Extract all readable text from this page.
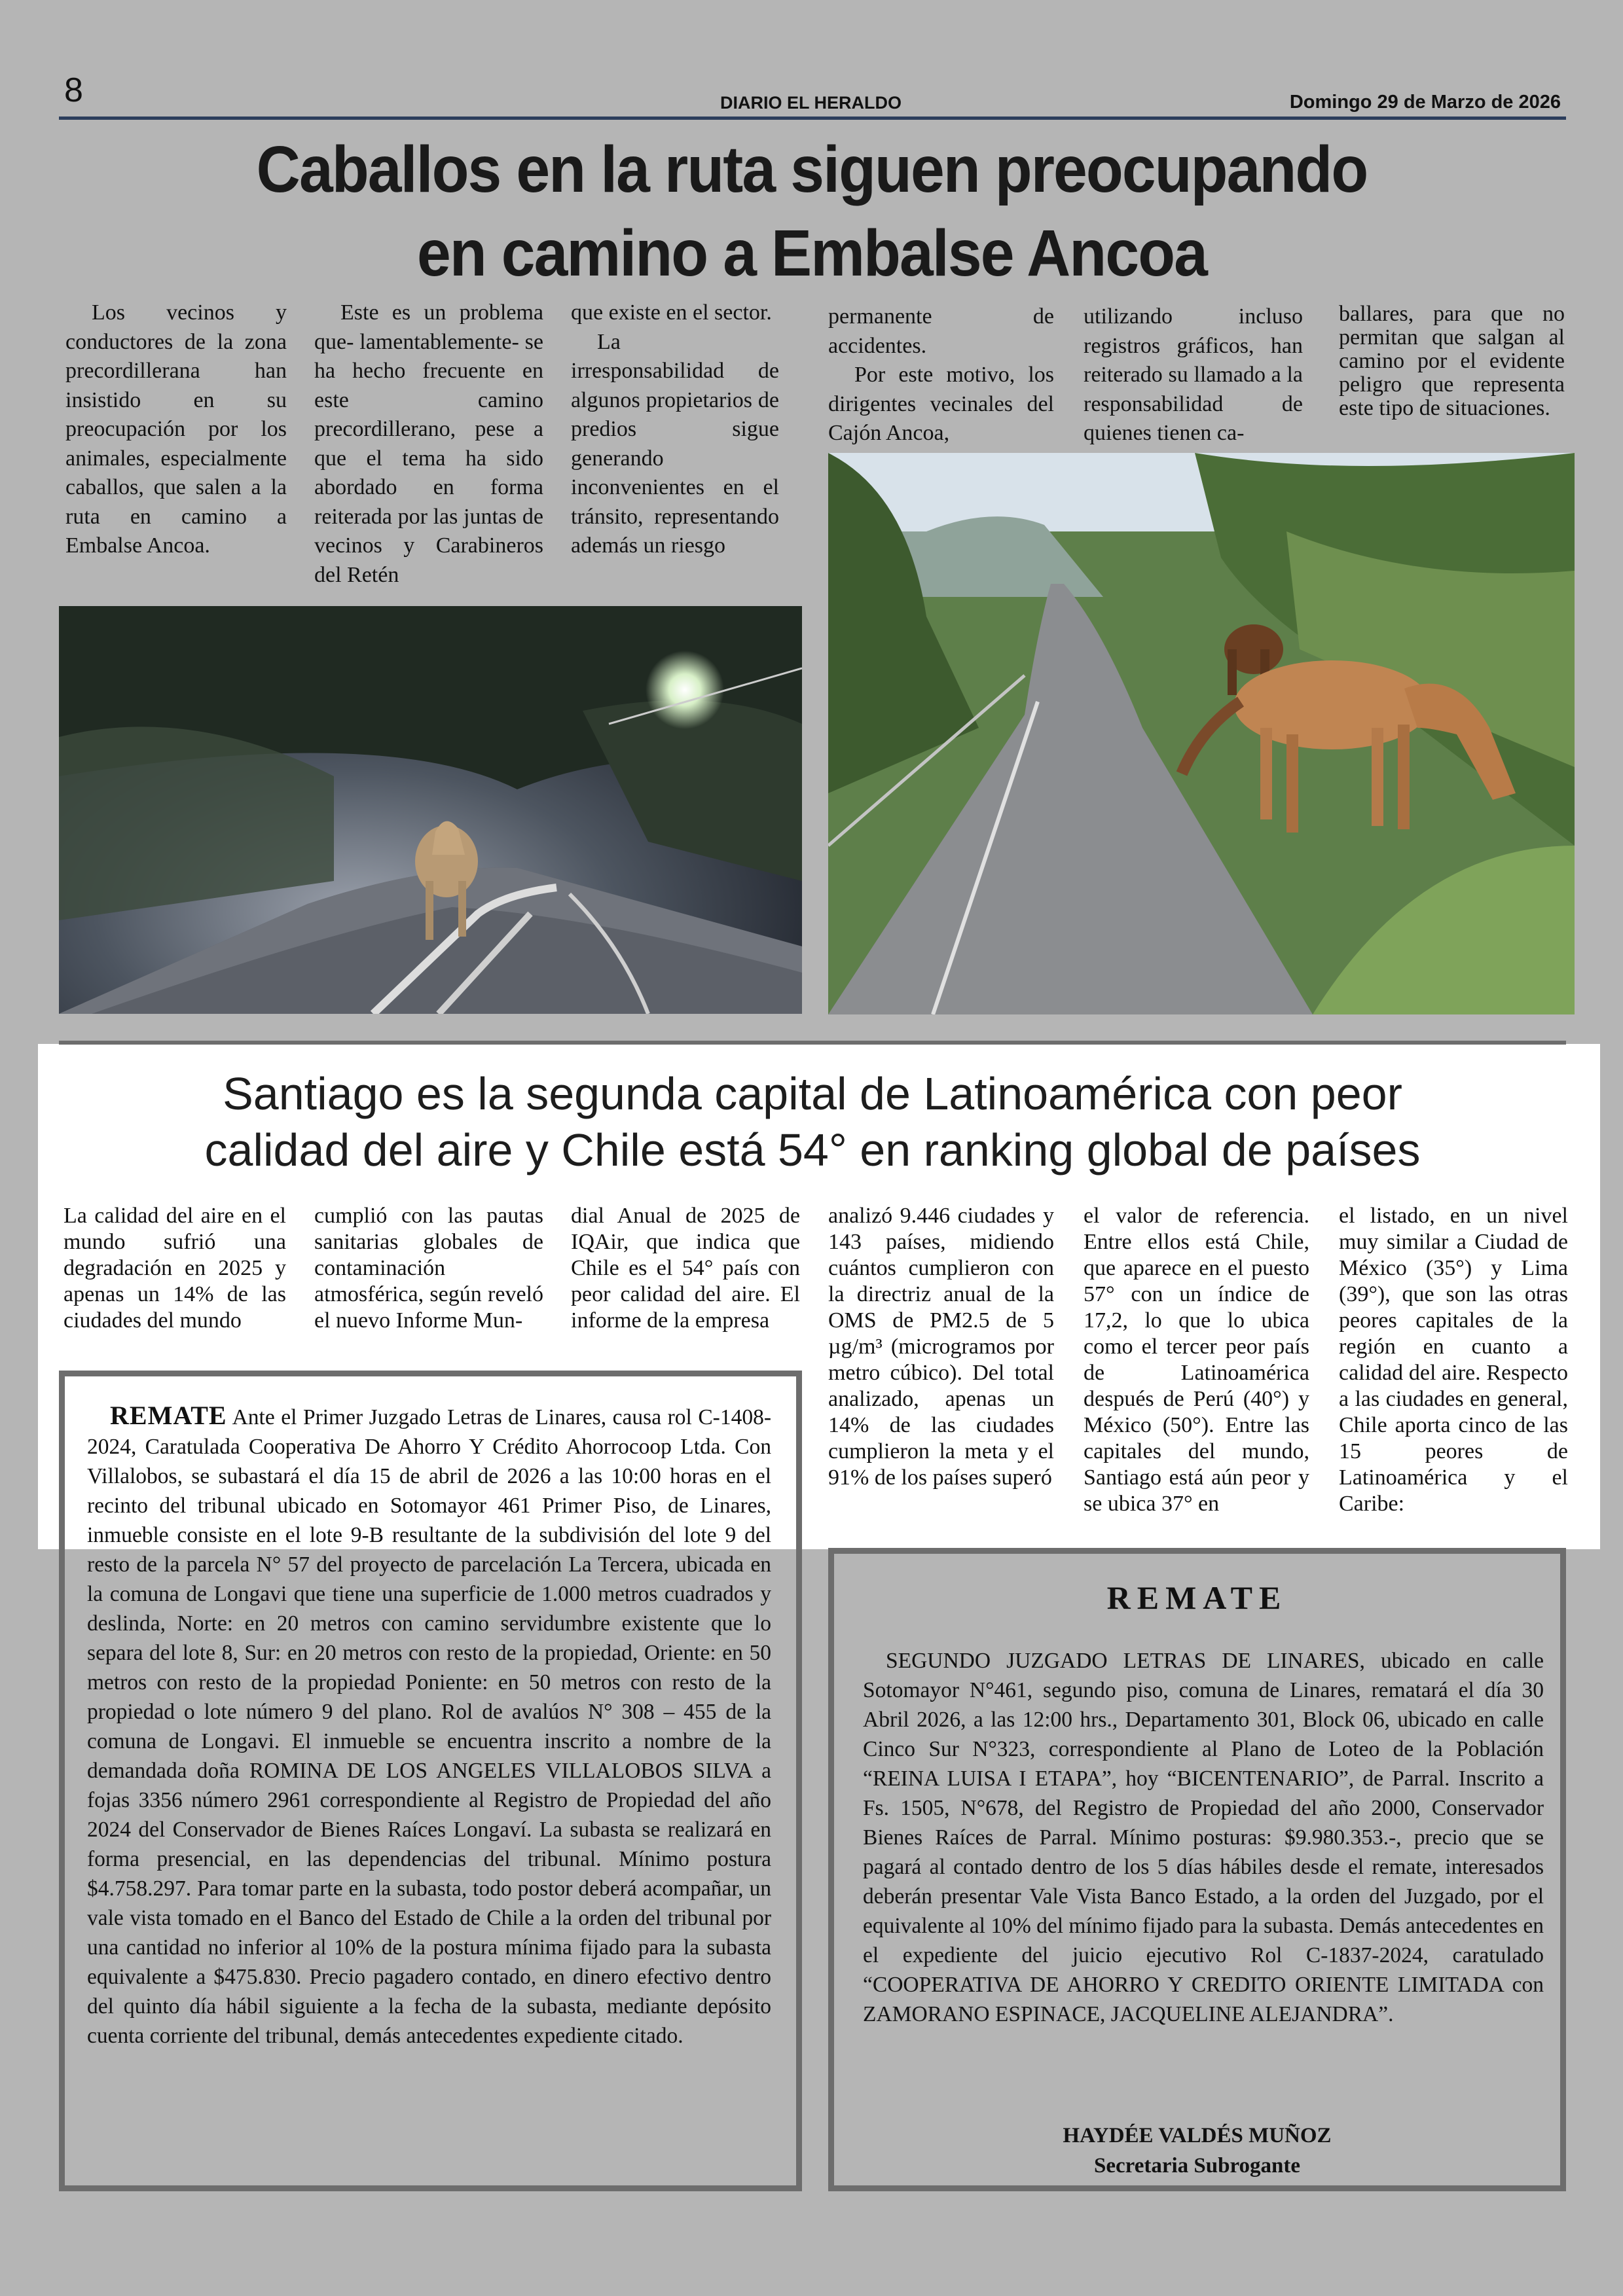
8	DIARIO EL HERALDO	Domingo 29 de Marzo de 2026
Caballos en la ruta siguen preocupando
en camino a Embalse Ancoa

Los vecinos y conductores de la zona precordillerana han insistido en su preocupación por los animales, especialmente caballos, que salen a la ruta en camino a Embalse Ancoa.

Este es un problema que- lamentablemente- se ha hecho frecuente en este camino precordillerano, pese a que el tema ha sido abordado en forma reiterada por las juntas de vecinos y Carabineros del Retén

que existe en el sector.

La irresponsabilidad de algunos propietarios de predios sigue generando inconvenientes en el tránsito, representando además un riesgo

permanente de accidentes.

Por este motivo, los dirigentes vecinales del Cajón Ancoa,

utilizando incluso registros gráficos, han reiterado su llamado a la responsabilidad de quienes tienen ca-

ballares, para que no permitan que salgan al camino por el evidente peligro que representa este tipo de situaciones.

Santiago es la segunda capital de Latinoamérica con peor
calidad del aire y Chile está 54° en ranking global de países

La calidad del aire en el mundo sufrió una degradación en 2025 y apenas un 14% de las ciudades del mundo

cumplió con las pautas sanitarias globales de contaminación atmosférica, según reveló el nuevo Informe Mun-

dial Anual de 2025 de IQAir, que indica que Chile es el 54° país con peor calidad del aire. El informe de la empresa

analizó 9.446 ciudades y 143 países, midiendo cuántos cumplieron con la directriz anual de la OMS de PM2.5 de 5 µg/m³ (microgramos por metro cúbico). Del total analizado, apenas un 14% de las ciudades cumplieron la meta y el 91% de los países superó

el valor de referencia. Entre ellos está Chile, que aparece en el puesto 57° con un índice de 17,2, lo que lo ubica como el tercer peor país de Latinoamérica después de Perú (40°) y México (50°). Entre las capitales del mundo, Santiago está aún peor y se ubica 37° en

el listado, en un nivel muy similar a Ciudad de México (35°) y Lima (39°), que son las otras peores capitales de la región en cuanto a calidad del aire. Respecto a las ciudades en general, Chile aporta cinco de las 15 peores de Latinoamérica y el Caribe:

REMATE Ante el Primer Juzgado Letras de Linares, causa rol C-1408-2024, Caratulada Cooperativa De Ahorro Y Crédito Ahorrocoop Ltda. Con Villalobos, se subastará el día 15 de abril de 2026 a las 10:00 horas en el recinto del tribunal ubicado en Sotomayor 461 Primer Piso, de Linares, inmueble consiste en el lote 9-B resultante de la subdivisión del lote 9 del resto de la parcela N° 57 del proyecto de parcelación La Tercera, ubicada en la comuna de Longavi que tiene una superficie de 1.000 metros cuadrados y deslinda, Norte: en 20 metros con camino servidumbre existente que lo separa del lote 8, Sur: en 20 metros con resto de la propiedad, Oriente: en 50 metros con resto de la propiedad Poniente: en 50 metros con resto de la propiedad o lote número 9 del plano. Rol de avalúos N° 308 – 455 de la comuna de Longavi. El inmueble se encuentra inscrito a nombre de la demandada doña ROMINA DE LOS ANGELES VILLALOBOS SILVA a fojas 3356 número 2961 correspondiente al Registro de Propiedad del año 2024 del Conservador de Bienes Raíces Longaví. La subasta se realizará en forma presencial, en las dependencias del tribunal. Mínimo postura $4.758.297. Para tomar parte en la subasta, todo postor deberá acompañar, un vale vista tomado en el Banco del Estado de Chile a la orden del tribunal por una cantidad no inferior al 10% de la postura mínima fijado para la subasta equivalente a $475.830. Precio pagadero contado, en dinero efectivo dentro del quinto día hábil siguiente a la fecha de la subasta, mediante depósito cuenta corriente del tribunal, demás antecedentes expediente citado.
REMATE
SEGUNDO JUZGADO LETRAS DE LINARES, ubicado en calle Sotomayor N°461, segundo piso, comuna de Linares, rematará el día 30 Abril 2026, a las 12:00 hrs., Departamento 301, Block 06, ubicado en calle Cinco Sur N°323, correspondiente al Plano de Loteo de la Población “REINA LUISA I ETAPA”, hoy “BICENTENARIO”, de Parral. Inscrito a Fs. 1505, N°678, del Registro de Propiedad del año 2000, Conservador Bienes Raíces de Parral. Mínimo posturas: $9.980.353.-, precio que se pagará al contado dentro de los 5 días hábiles desde el remate, interesados deberán presentar Vale Vista Banco Estado, a la orden del Juzgado, por el equivalente al 10% del mínimo fijado para la subasta. Demás antecedentes en el expediente del juicio ejecutivo Rol C-1837-2024, caratulado “COOPERATIVA DE AHORRO Y CREDITO ORIENTE LIMITADA con ZAMORANO ESPINACE, JACQUELINE ALEJANDRA”.
HAYDÉE VALDÉS MUÑOZ
Secretaria Subrogante
